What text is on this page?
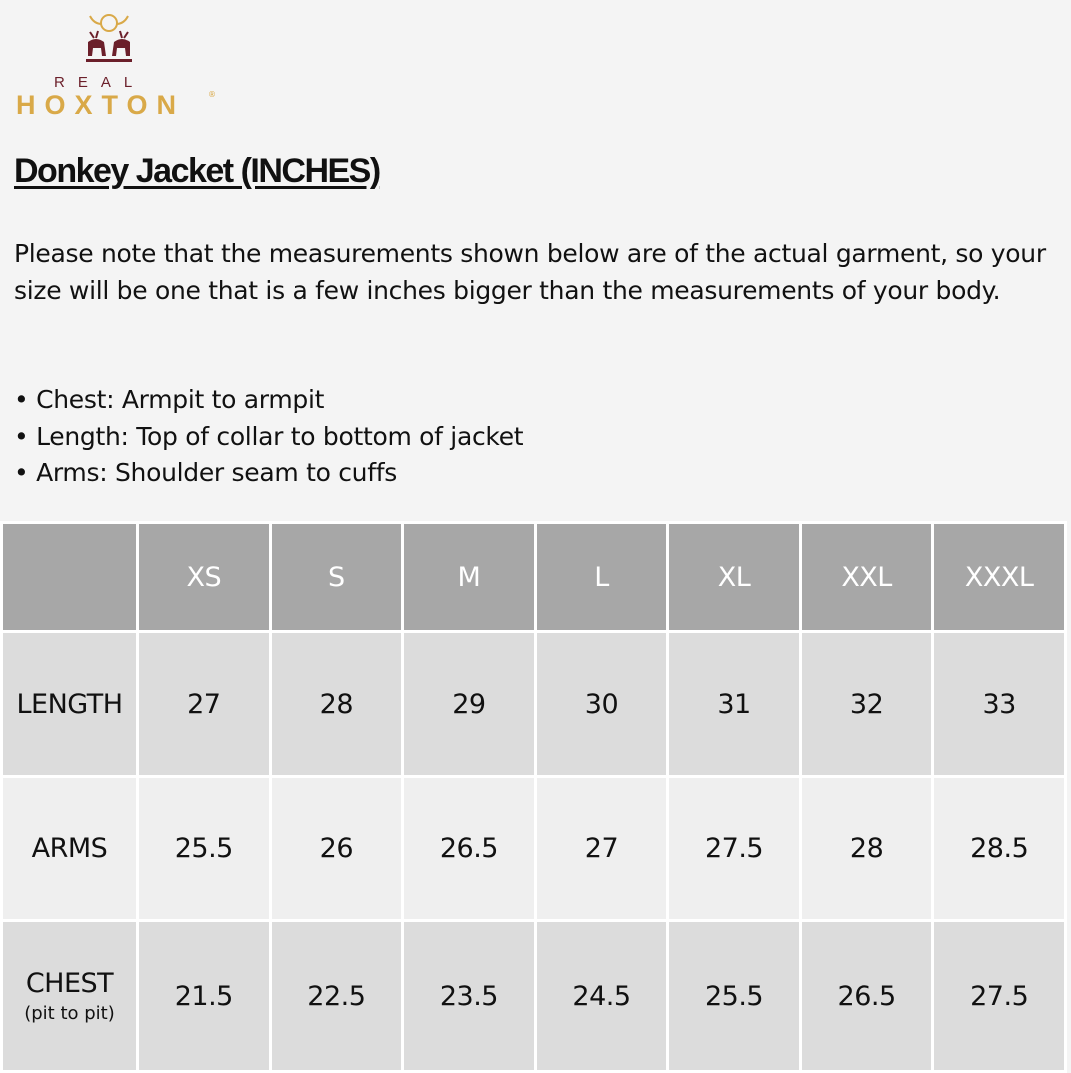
REAL
HOXTON	®
Donkey Jacket (INCHES)

Please note that the measurements shown below are of the actual garment, so your size will be one that is a few inches bigger than the measurements of your body.

• Chest: Armpit to armpit
• Length: Top of collar to bottom of jacket
• Arms: Shoulder seam to cuffs
	XS	S	M	L	XL	XXL	XXXL
LENGTH	27	28	29	30	31	32	33
ARMS	25.5	26	26.5	27	27.5	28	28.5
CHEST
(pit to pit)	21.5	22.5	23.5	24.5	25.5	26.5	27.5
